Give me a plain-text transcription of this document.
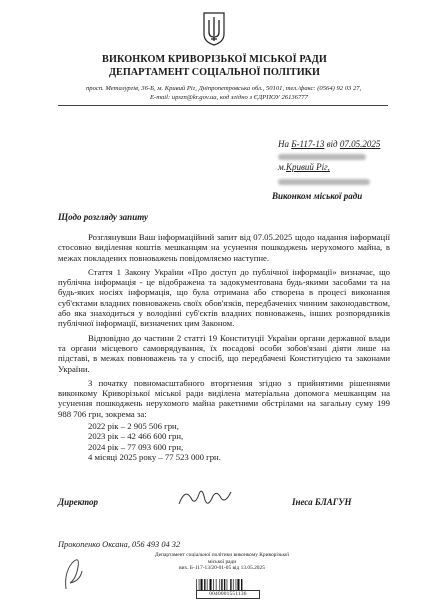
ВИКОНКОМ КРИВОРІЗЬКОЇ МІСЬКОЇ РАДИ
ДЕПАРТАМЕНТ СОЦІАЛЬНОЇ ПОЛІТИКИ
просп. Металургів, 36-Б, м. Кривий Ріг, Дніпропетровська обл., 50101, тел./факс: (0564) 92 03 27,
E-mail: upszn@kr.gov.ua, код згідно з ЄДРПОУ 26136777
На Б-117-13 від 07.05.2025
м.Кривий Ріг,
Виконком міської ради
Щодо розгляду запиту

Розглянувши Ваш інформаційний запит від 07.05.2025 щодо надання інформації стосовно виділення коштів мешканцям на усунення пошкоджень нерухомого майна, в межах покладених повноважень повідомляємо наступне.

Стаття 1 Закону України «Про доступ до публічної інформації» визначає, що публічна інформація - це відображена та задокументована будь-якими засобами та на будь-яких носіях інформація, що була отримана або створена в процесі виконання суб'єктами владних повноважень своїх обов'язків, передбачених чинним законодавством, або яка знаходиться у володінні суб'єктів владних повноважень, інших розпорядників публічної інформації, визначених цим Законом.

Відповідно до частини 2 статті 19 Конституції України органи державної влади та органи місцевого самоврядування, їх посадові особи зобов'язані діяти лише на підставі, в межах повноважень та у спосіб, що передбачені Конституцією та законами України.

З початку повномасштабного вторгнення згідно з прийнятими рішеннями виконкому Криворізької міської ради виділена матеріальна допомога мешканцям на усунення пошкоджень нерухомого майна ракетними обстрілами на загальну суму 199 988 706 грн, зокрема за:

2022 рік – 2 905 506 грн,
2023 рік – 42 466 600 грн,
2024 рік – 77 093 600 грн,
4 місяці 2025 року – 77 523 000 грн.
Директор	Інеса БЛАГУН
Прокопенко Оксана, 056 493 04 32
Департамент соціальної політики виконкому Криворізької
міської ради
вих. Б-117-13/20-01-05 від 13.05.2025
0040001551136
